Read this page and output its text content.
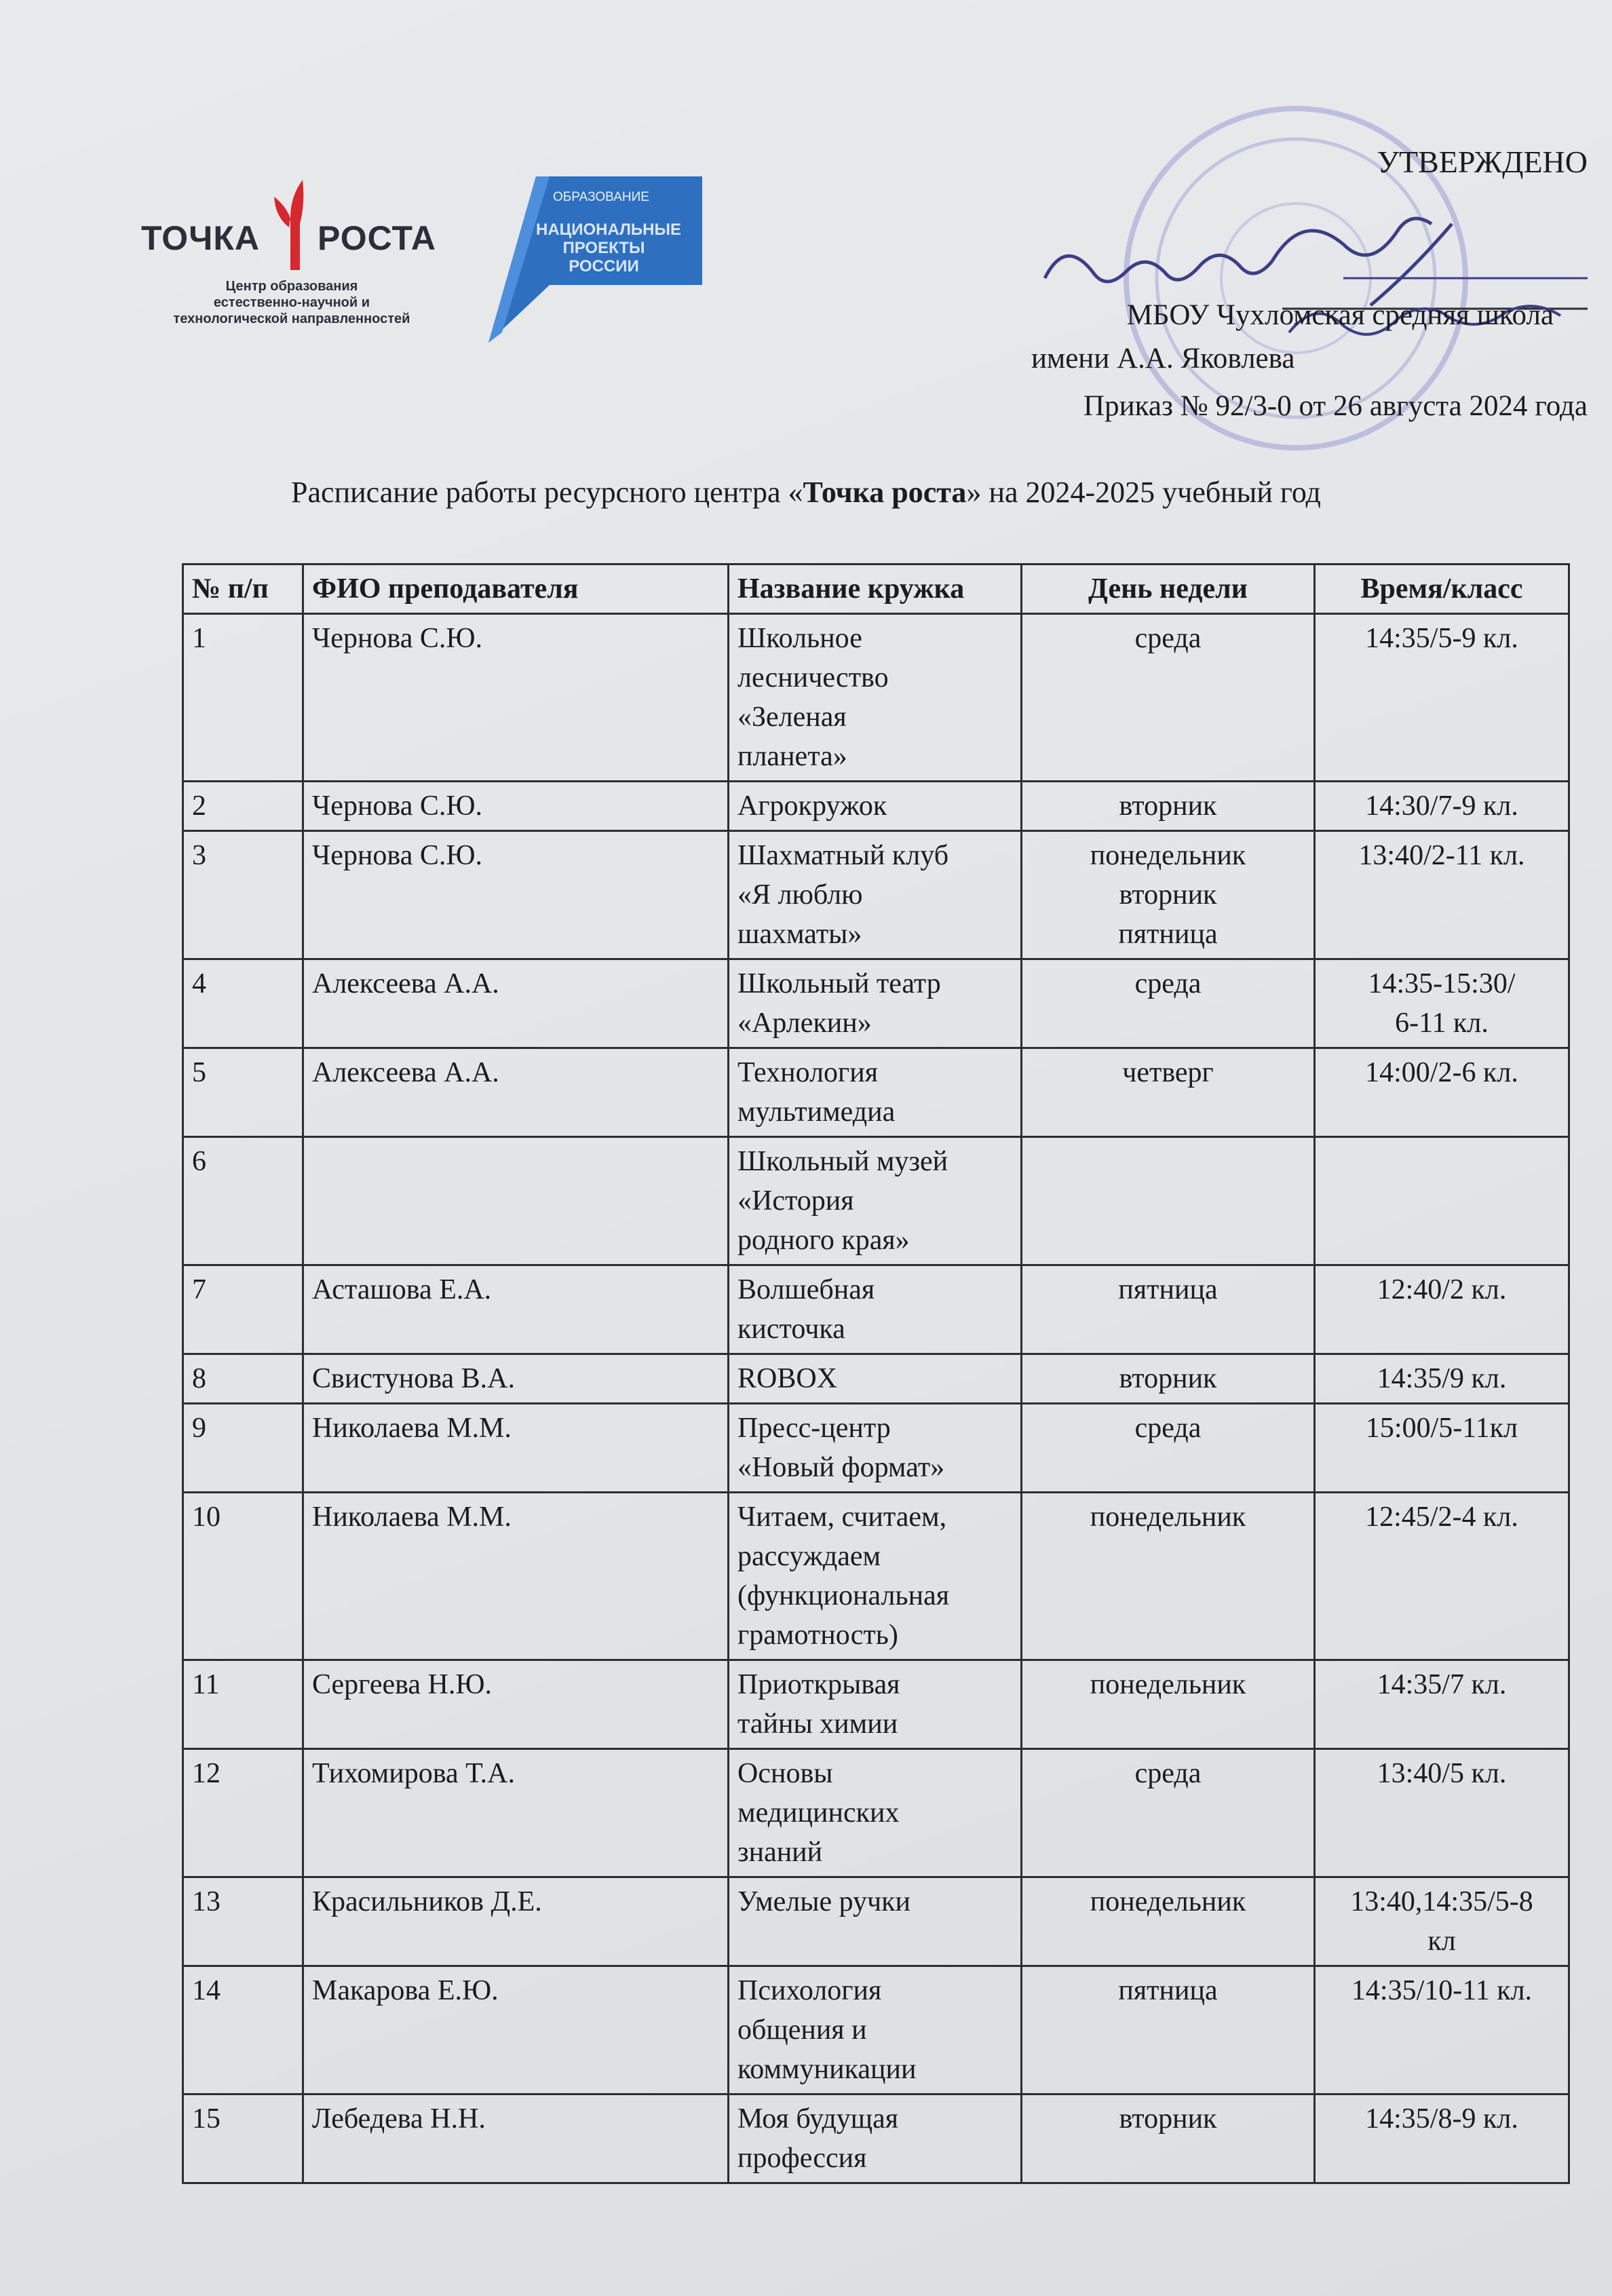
ТОЧКА РОСТА
Центр образования
естественно-научной и
технологической направленностей
ОБРАЗОВАНИЕ
НАЦИОНАЛЬНЫЕ
ПРОЕКТЫ
РОССИИ
УТВЕРЖДЕНО
МБОУ Чухломская средняя школа
имени А.А. Яковлева
Приказ № 92/3-0 от 26 августа 2024 года
Расписание работы ресурсного центра «Точка роста» на 2024-2025 учебный год
№ п/п	ФИО преподавателя	Название кружка	День недели	Время/класс
1	Чернова С.Ю.	Школьное
лесничество
«Зеленая
планета»	среда	14:35/5-9 кл.

2	Чернова С.Ю.	Агрокружок	вторник	14:30/7-9 кл.

3	Чернова С.Ю.	Шахматный клуб
«Я люблю
шахматы»	понедельник
вторник
пятница	13:40/2-11 кл.

4	Алексеева А.А.	Школьный театр
«Арлекин»	среда	14:35-15:30/
6-11 кл.

5	Алексеева А.А.	Технология
мультимедиа	четверг	14:00/2-6 кл.

6		Школьный музей
«История
родного края»		

7	Асташова Е.А.	Волшебная
кисточка	пятница	12:40/2 кл.

8	Свистунова В.А.	ROBOX	вторник	14:35/9 кл.

9	Николаева М.М.	Пресс-центр
«Новый формат»	среда	15:00/5-11кл

10	Николаева М.М.	Читаем, считаем,
рассуждаем
(функциональная
грамотность)	понедельник	12:45/2-4 кл.

11	Сергеева Н.Ю.	Приоткрывая
тайны химии	понедельник	14:35/7 кл.

12	Тихомирова Т.А.	Основы
медицинских
знаний	среда	13:40/5 кл.

13	Красильников Д.Е.	Умелые ручки	понедельник	13:40,14:35/5-8
кл

14	Макарова Е.Ю.	Психология
общения и
коммуникации	пятница	14:35/10-11 кл.

15	Лебедева Н.Н.	Моя будущая
профессия	вторник	14:35/8-9 кл.
